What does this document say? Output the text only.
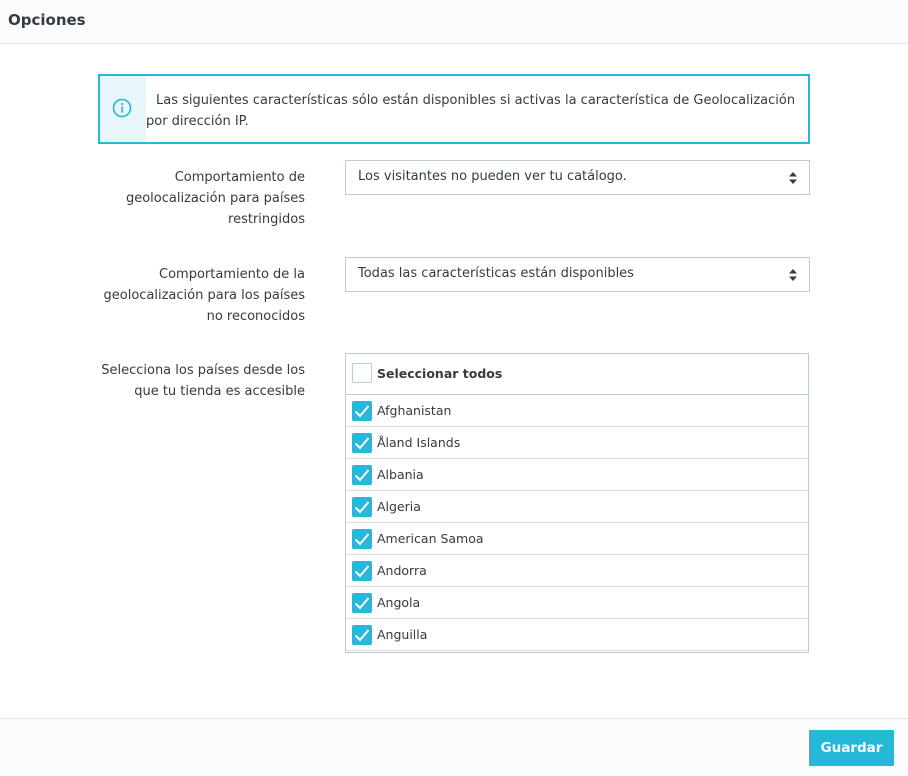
Opciones
Las siguientes características sólo están disponibles si activas la característica de Geolocalización por dirección IP.
Comportamiento de geolocalización para países restringidos
Los visitantes no pueden ver tu catálogo.
Comportamiento de la geolocalización para los países no reconocidos
Todas las características están disponibles
Selecciona los países desde los que tu tienda es accesible
Seleccionar todos
Afghanistan
Åland Islands
Albania
Algeria
American Samoa
Andorra
Angola
Anguilla
Guardar
